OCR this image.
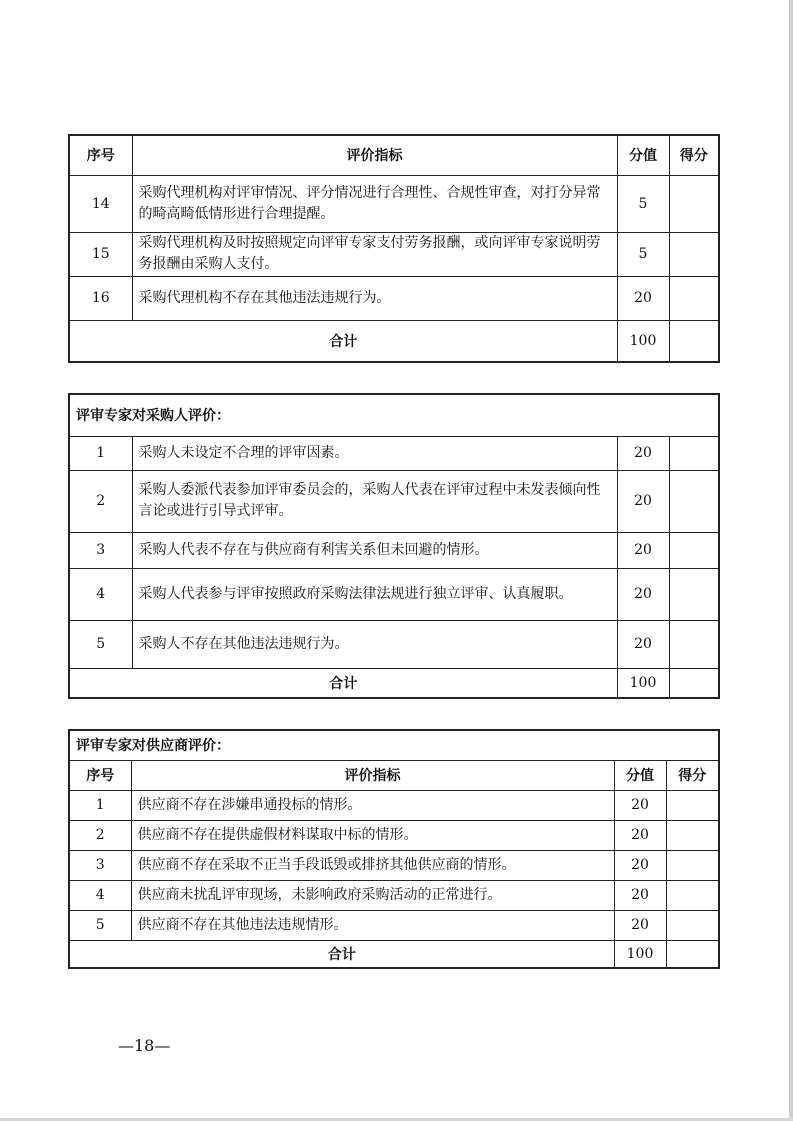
序号	评价指标	分值	得分
14	采购代理机构对评审情况、评分情况进行合理性、合规性审查，对打分异常的畸高畸低情形进行合理提醒。	5	
15	采购代理机构及时按照规定向评审专家支付劳务报酬，或向评审专家说明劳务报酬由采购人支付。	5	
16	采购代理机构不存在其他违法违规行为。	20	
合计		100	
评审专家对采购人评价：			
1	采购人未设定不合理的评审因素。	20	
2	采购人委派代表参加评审委员会的，采购人代表在评审过程中未发表倾向性言论或进行引导式评审。	20	
3	采购人代表不存在与供应商有利害关系但未回避的情形。	20	
4	采购人代表参与评审按照政府采购法律法规进行独立评审、认真履职。	20	
5	采购人不存在其他违法违规行为。	20	
合计		100	
评审专家对供应商评价：			
序号	评价指标	分值	得分
1	供应商不存在涉嫌串通投标的情形。	20	
2	供应商不存在提供虚假材料谋取中标的情形。	20	
3	供应商不存在采取不正当手段诋毁或排挤其他供应商的情形。	20	
4	供应商未扰乱评审现场，未影响政府采购活动的正常进行。	20	
5	供应商不存在其他违法违规情形。	20	
合计		100	
—18—
